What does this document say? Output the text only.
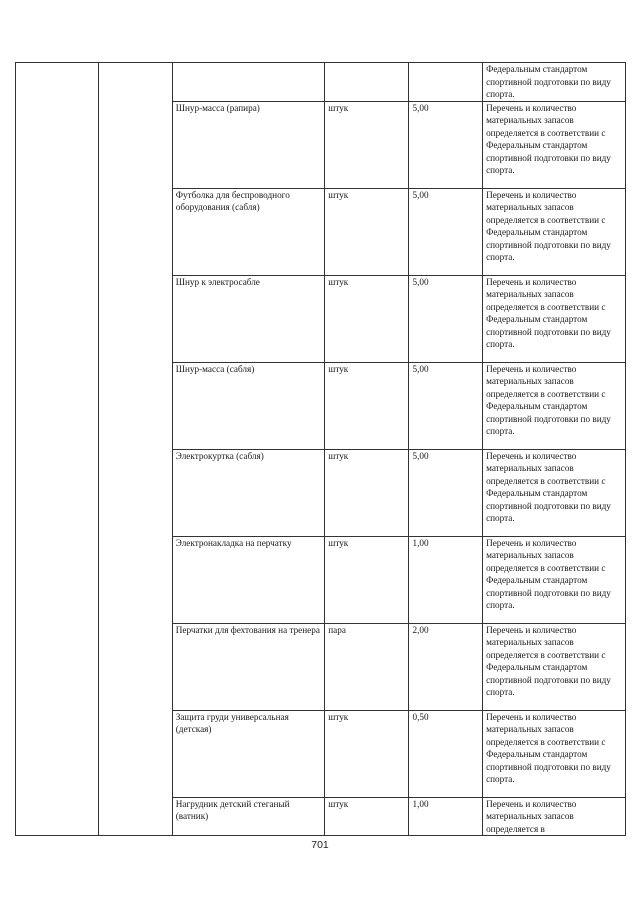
					Федеральным стандартом спортивной подготовки по виду спорта.
		Шнур-масса (рапира)	штук	5,00	Перечень и количество материальных запасов определяется в соответствии с Федеральным стандартом спортивной подготовки по виду спорта.
		Футболка для беспроводного оборудования (сабля)	штук	5,00	Перечень и количество материальных запасов определяется в соответствии с Федеральным стандартом спортивной подготовки по виду спорта.
		Шнур к электросабле	штук	5,00	Перечень и количество материальных запасов определяется в соответствии с Федеральным стандартом спортивной подготовки по виду спорта.
		Шнур-масса (сабля)	штук	5,00	Перечень и количество материальных запасов определяется в соответствии с Федеральным стандартом спортивной подготовки по виду спорта.
		Электрокуртка (сабля)	штук	5,00	Перечень и количество материальных запасов определяется в соответствии с Федеральным стандартом спортивной подготовки по виду спорта.
		Электронакладка на перчатку	штук	1,00	Перечень и количество материальных запасов определяется в соответствии с Федеральным стандартом спортивной подготовки по виду спорта.
		Перчатки для фехтования на тренера	пара	2,00	Перечень и количество материальных запасов определяется в соответствии с Федеральным стандартом спортивной подготовки по виду спорта.
		Защита груди универсальная (детская)	штук	0,50	Перечень и количество материальных запасов определяется в соответствии с Федеральным стандартом спортивной подготовки по виду спорта.
		Нагрудник детский стеганый (ватник)	штук	1,00	Перечень и количество материальных запасов определяется в
701
